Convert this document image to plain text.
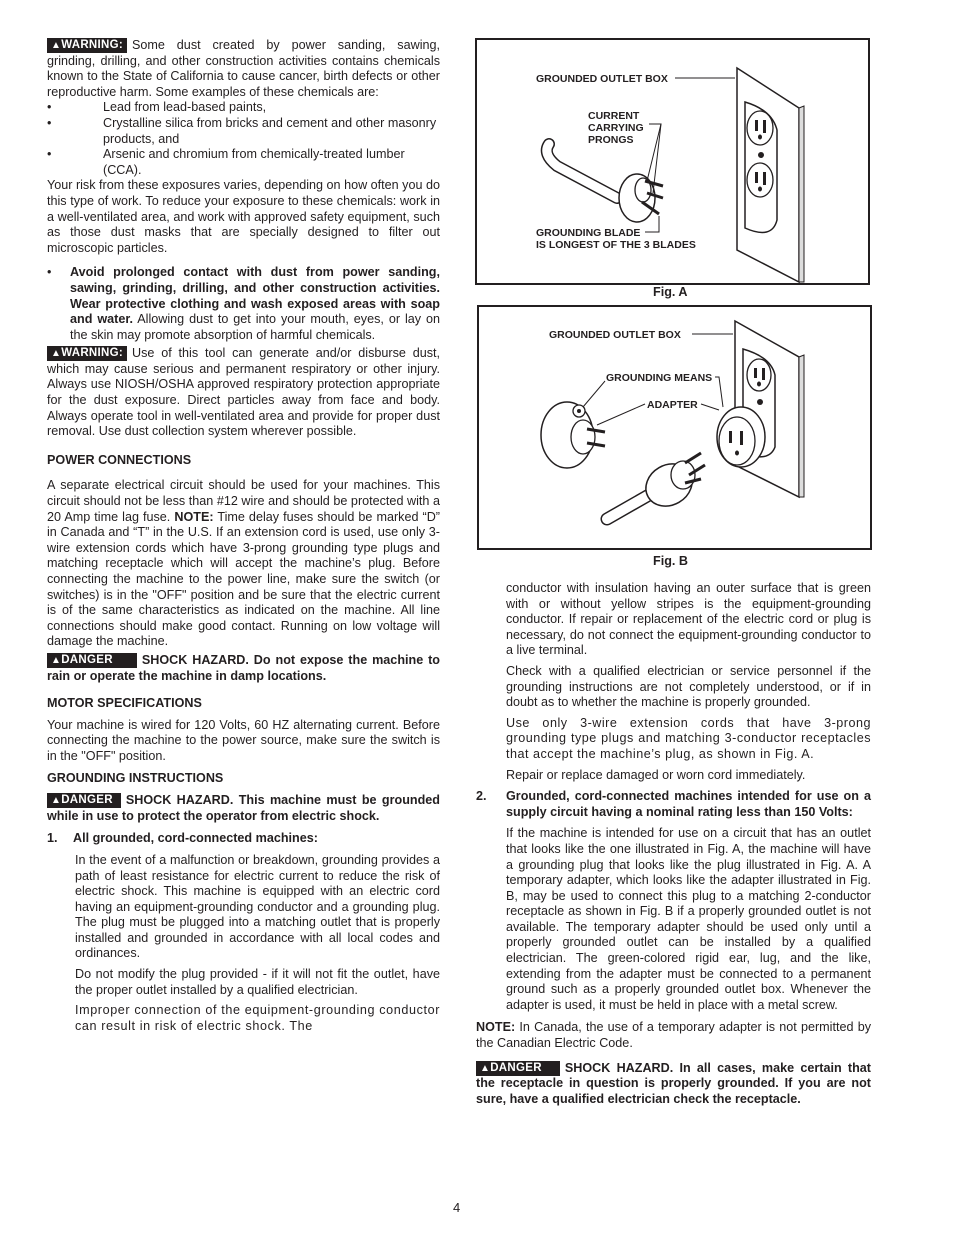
▲WARNING: Some dust created by power sanding, sawing, grinding, drilling, and other construction activities contains chemicals known to the State of California to cause cancer, birth defects or other reproductive harm. Some examples of these chemicals are:

•	Lead from lead-based paints,
•	Crystalline silica from bricks and cement and other masonry products, and
•	Arsenic and chromium from chemically-treated lumber (CCA).

Your risk from these exposures varies, depending on how often you do this type of work. To reduce your exposure to these chemicals: work in a well-ventilated area, and work with approved safety equipment, such as those dust masks that are specially designed to filter out microscopic particles.

•	Avoid prolonged contact with dust from power sanding, sawing, grinding, drilling, and other construction activities. Wear protective clothing and wash exposed areas with soap and water. Allowing dust to get into your mouth, eyes, or lay on the skin may promote absorption of harmful chemicals.

▲WARNING: Use of this tool can generate and/or disburse dust, which may cause serious and permanent respiratory or other injury. Always use NIOSH/OSHA approved respiratory protection appropriate for the dust exposure. Direct particles away from face and body. Always operate tool in well-ventilated area and provide for proper dust removal. Use dust collection system wherever possible.

POWER CONNECTIONS

A separate electrical circuit should be used for your machines. This circuit should not be less than #12 wire and should be protected with a 20 Amp time lag fuse. NOTE: Time delay fuses should be marked “D” in Canada and “T” in the U.S. If an extension cord is used, use only 3-wire extension cords which have 3-prong grounding type plugs and matching receptacle which will accept the machine’s plug. Before connecting the machine to the power line, make sure the switch (or switches) is in the "OFF" position and be sure that the electric current is of the same characteristics as indicated on the machine. All line connections should make good contact. Running on low voltage will damage the machine.

▲DANGER SHOCK HAZARD. Do not expose the machine to rain or operate the machine in damp locations.

MOTOR SPECIFICATIONS

Your machine is wired for 120 Volts, 60 HZ alternating current. Before connecting the machine to the power source, make sure the switch is in the "OFF" position.

GROUNDING INSTRUCTIONS

▲DANGER SHOCK HAZARD. This machine must be grounded while in use to protect the operator from electric shock.

1.	All grounded, cord-connected machines:

In the event of a malfunction or breakdown, grounding provides a path of least resistance for electric current to reduce the risk of electric shock. This machine is equipped with an electric cord having an equipment-grounding conductor and a grounding plug. The plug must be plugged into a matching outlet that is properly installed and grounded in accordance with all local codes and ordinances.

Do not modify the plug provided - if it will not fit the outlet, have the proper outlet installed by a qualified electrician.

Improper connection of the equipment-grounding conductor can result in risk of electric shock. The

GROUNDED OUTLET BOX
CURRENT
CARRYING
PRONGS
GROUNDING BLADE
IS LONGEST OF THE 3 BLADES
Fig. A
GROUNDED OUTLET BOX
GROUNDING MEANS
ADAPTER
Fig. B

conductor with insulation having an outer surface that is green with or without yellow stripes is the equipment-grounding conductor. If repair or replacement of the electric cord or plug is necessary, do not connect the equipment-grounding conductor to a live terminal.

Check with a qualified electrician or service personnel if the grounding instructions are not completely understood, or if in doubt as to whether the machine is properly grounded.

Use only 3-wire extension cords that have 3-prong grounding type plugs and matching 3-conductor receptacles that accept the machine’s plug, as shown in Fig. A.

Repair or replace damaged or worn cord immediately.

2.	Grounded, cord-connected machines intended for use on a supply circuit having a nominal rating less than 150 Volts:

If the machine is intended for use on a circuit that has an outlet that looks like the one illustrated in Fig. A, the machine will have a grounding plug that looks like the plug illustrated in Fig. A. A temporary adapter, which looks like the adapter illustrated in Fig. B, may be used to connect this plug to a matching 2-conductor receptacle as shown in Fig. B if a properly grounded outlet is not available. The temporary adapter should be used only until a properly grounded outlet can be installed by a qualified electrician. The green-colored rigid ear, lug, and the like, extending from the adapter must be connected to a permanent ground such as a properly grounded outlet box. Whenever the adapter is used, it must be held in place with a metal screw.

NOTE: In Canada, the use of a temporary adapter is not permitted by the Canadian Electric Code.

▲DANGER SHOCK HAZARD. In all cases, make certain that the receptacle in question is properly grounded. If you are not sure, have a qualified electrician check the receptacle.

4
